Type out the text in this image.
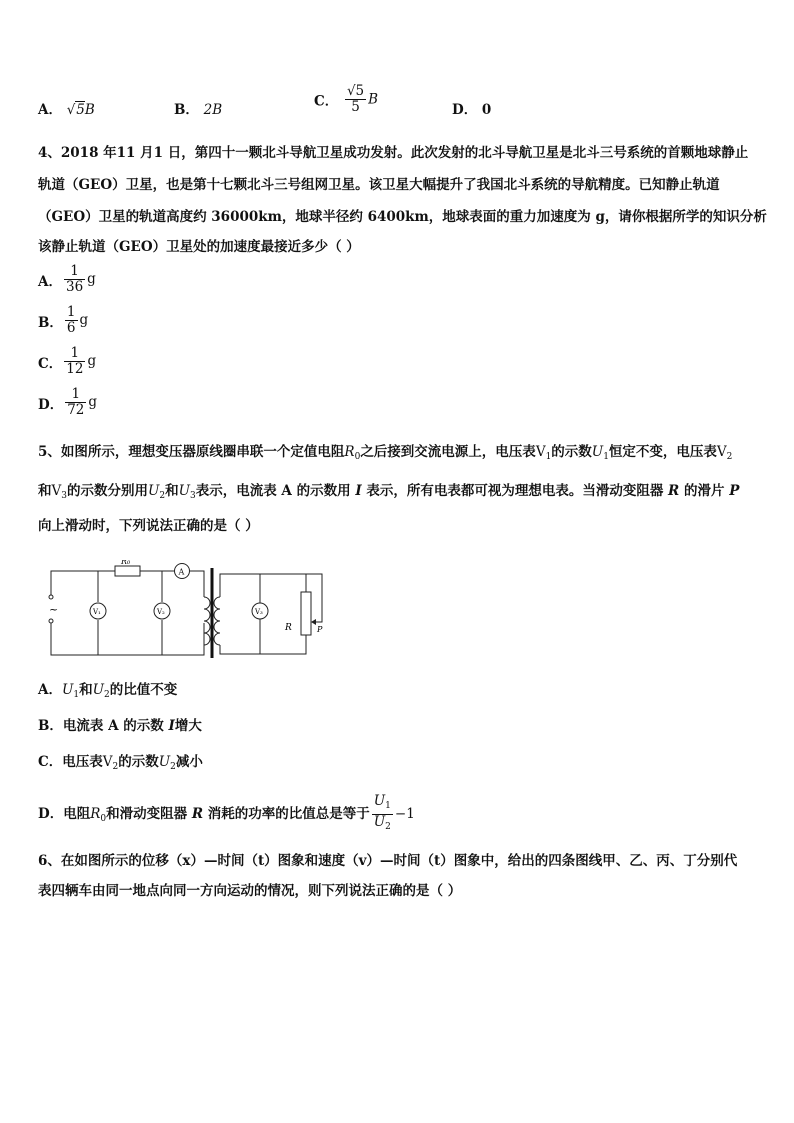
A． √5B	B． 2B
C． $\frac{√5}{5}$ B
D． 0
4、2018 年11 月1 日，第四十一颗北斗导航卫星成功发射。此次发射的北斗导航卫星是北斗三号系统的首颗地球静止
轨道（GEO）卫星，也是第十七颗北斗三号组网卫星。该卫星大幅提升了我国北斗系统的导航精度。已知静止轨道
（GEO）卫星的轨道高度约 36000km，地球半径约 6400km，地球表面的重力加速度为 g，请你根据所学的知识分析
该静止轨道（GEO）卫星处的加速度最接近多少（ ）
A． $\frac{1}{36}$ g
B． $\frac{1}{6}$ g
C． $\frac{1}{12}$ g
D． $\frac{1}{72}$ g
5、如图所示，理想变压器原线圈串联一个定值电阻$R_0$之后接到交流电源上，电压表$V_1$的示数$U_1$恒定不变，电压表$V_2$
和$V_3$的示数分别用$U_2$和$U_3$表示，电流表 A 的示数用 I 表示，所有电表都可视为理想电表。当滑动变阻器 R 的滑片 P
向上滑动时，下列说法正确的是（ ）
~
R₀
A
V₁	V₂	V₃
R	P
A．$U_1$和$U_2$的比值不变
B．电流表 A 的示数 I增大
C．电压表$V_2$的示数$U_2$减小
D．电阻$R_0$和滑动变阻器 R 消耗的功率的比值总是等于 $\frac{U_1}{U_2} -1$
6、在如图所示的位移（x）—时间（t）图象和速度（v）—时间（t）图象中，给出的四条图线甲、乙、丙、丁分别代
表四辆车由同一地点向同一方向运动的情况，则下列说法正确的是（ ）
